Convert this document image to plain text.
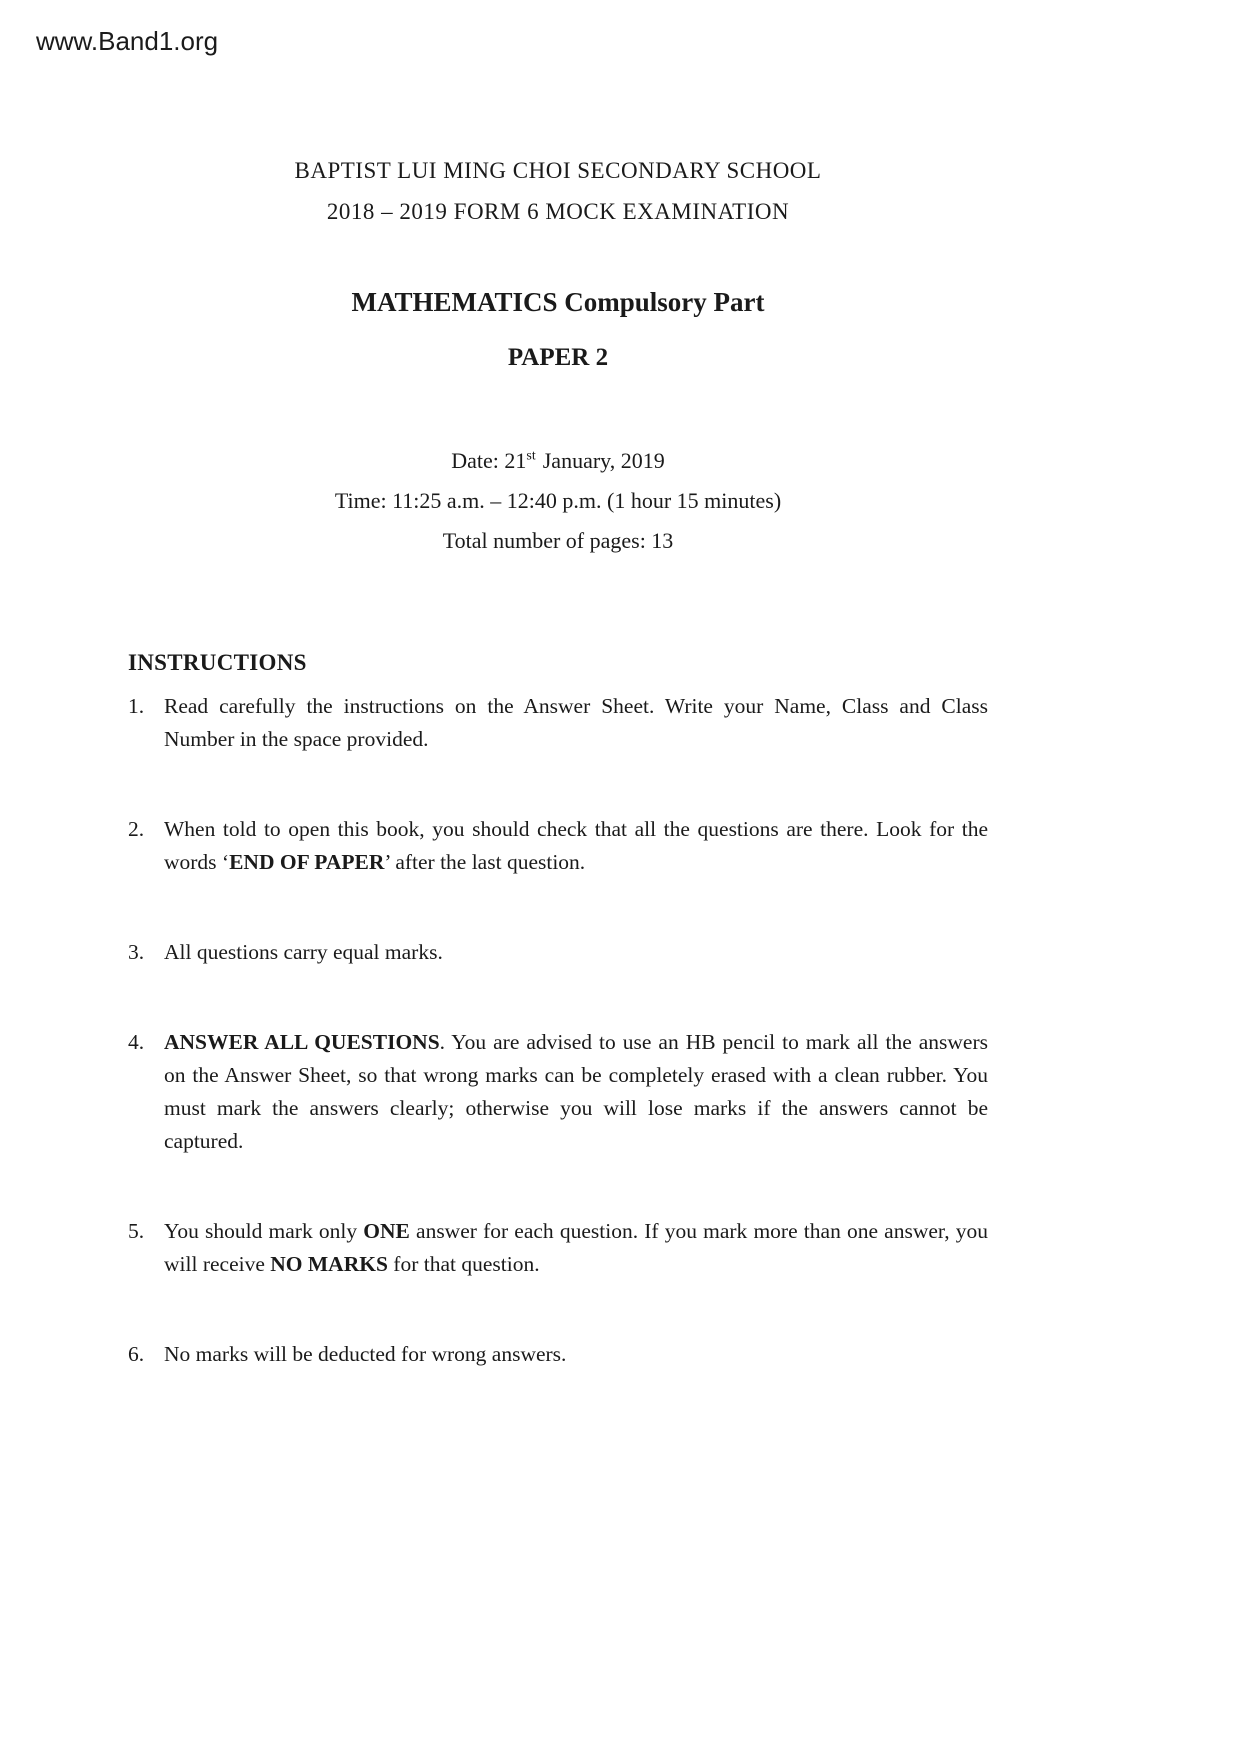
www.Band1.org
BAPTIST LUI MING CHOI SECONDARY SCHOOL
2018 – 2019 FORM 6 MOCK EXAMINATION
MATHEMATICS Compulsory Part
PAPER 2
Date: 21st January, 2019
Time: 11:25 a.m. – 12:40 p.m. (1 hour 15 minutes)
Total number of pages: 13
INSTRUCTIONS
1. Read carefully the instructions on the Answer Sheet. Write your Name, Class and Class Number in the space provided.
2. When told to open this book, you should check that all the questions are there. Look for the words ‘END OF PAPER’ after the last question.
3. All questions carry equal marks.
4. ANSWER ALL QUESTIONS. You are advised to use an HB pencil to mark all the answers on the Answer Sheet, so that wrong marks can be completely erased with a clean rubber. You must mark the answers clearly; otherwise you will lose marks if the answers cannot be captured.
5. You should mark only ONE answer for each question. If you mark more than one answer, you will receive NO MARKS for that question.
6. No marks will be deducted for wrong answers.
